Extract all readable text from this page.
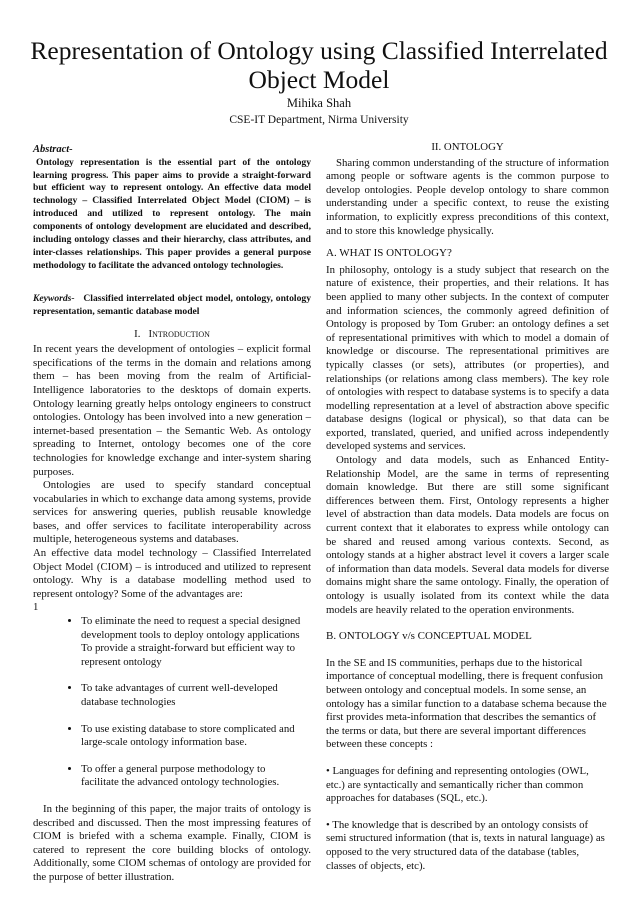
Representation of Ontology using Classified Interrelated Object Model
Mihika Shah
CSE-IT Department, Nirma University
Abstract-

Ontology representation is the essential part of the ontology learning progress. This paper aims to provide a straight-forward but efficient way to represent ontology. An effective data model technology – Classified Interrelated Object Model (CIOM) – is introduced and utilized to represent ontology. The main components of ontology development are elucidated and described, including ontology classes and their hierarchy, class attributes, and inter-classes relationships. This paper provides a general purpose methodology to facilitate the advanced ontology technologies.

Keywords- Classified interrelated object model, ontology, ontology representation, semantic database model

I. Introduction

In recent years the development of ontologies – explicit formal specifications of the terms in the domain and relations among them – has been moving from the realm of Artificial-Intelligence laboratories to the desktops of domain experts. Ontology learning greatly helps ontology engineers to construct ontologies. Ontology has been involved into a new generation – internet-based presentation – the Semantic Web. As ontology spreading to Internet, ontology becomes one of the core technologies for knowledge exchange and inter-system sharing purposes.

Ontologies are used to specify standard conceptual vocabularies in which to exchange data among systems, provide services for answering queries, publish reusable knowledge bases, and offer services to facilitate interoperability across multiple, heterogeneous systems and databases.

An effective data model technology – Classified Interrelated Object Model (CIOM) – is introduced and utilized to represent ontology. Why is a database modelling method used to represent ontology? Some of the advantages are:

1
• To eliminate the need to request a special designed development tools to deploy ontology applications To provide a straight-forward but efficient way to represent ontology
• To take advantages of current well-developed database technologies
• To use existing database to store complicated and large-scale ontology information base.
• To offer a general purpose methodology to facilitate the advanced ontology technologies.

In the beginning of this paper, the major traits of ontology is described and discussed. Then the most impressing features of CIOM is briefed with a schema example. Finally, CIOM is catered to represent the core building blocks of ontology. Additionally, some CIOM schemas of ontology are provided for the purpose of better illustration.

II. ONTOLOGY

Sharing common understanding of the structure of information among people or software agents is the common purpose to develop ontologies. People develop ontology to share common understanding under a specific context, to reuse the existing information, to explicitly express preconditions of this context, and to store this knowledge physically.

A. WHAT IS ONTOLOGY?

In philosophy, ontology is a study subject that research on the nature of existence, their properties, and their relations. It has been applied to many other subjects. In the context of computer and information sciences, the commonly agreed definition of Ontology is proposed by Tom Gruber: an ontology defines a set of representational primitives with which to model a domain of knowledge or discourse. The representational primitives are typically classes (or sets), attributes (or properties), and relationships (or relations among class members). The key role of ontologies with respect to database systems is to specify a data modelling representation at a level of abstraction above specific database designs (logical or physical), so that data can be exported, translated, queried, and unified across independently developed systems and services.

Ontology and data models, such as Enhanced Entity-Relationship Model, are the same in terms of representing domain knowledge. But there are still some significant differences between them. First, Ontology represents a higher level of abstraction than data models. Data models are focus on current context that it elaborates to express while ontology can be shared and reused among various contexts. Second, as ontology stands at a higher abstract level it covers a larger scale of information than data models. Several data models for diverse domains might share the same ontology. Finally, the operation of ontology is usually isolated from its context while the data models are heavily related to the operation environments.

B. ONTOLOGY v/s CONCEPTUAL MODEL

In the SE and IS communities, perhaps due to the historical importance of conceptual modelling, there is frequent confusion between ontology and conceptual models. In some sense, an ontology has a similar function to a database schema because the first provides meta-information that describes the semantics of the terms or data, but there are several important differences between these concepts :

• Languages for defining and representing ontologies (OWL, etc.) are syntactically and semantically richer than common approaches for databases (SQL, etc.).

• The knowledge that is described by an ontology consists of semi structured information (that is, texts in natural language) as opposed to the very structured data of the database (tables, classes of objects, etc).
